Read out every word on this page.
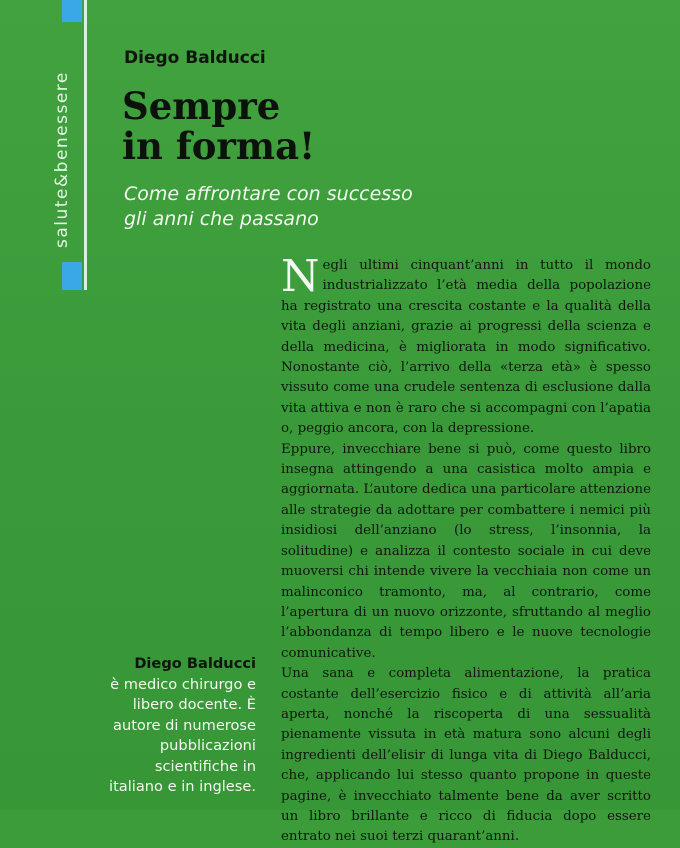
salute&benessere
Diego Balducci
Sempre
in forma!
Come affrontare con successo
gli anni che passano

Negli ultimi cinquant’anni in tutto il mondo industrializzato l’età media della popolazione ha registrato una crescita costante e la qualità della vita degli anziani, grazie ai progressi della scienza e della medicina, è migliorata in modo significativo. Nonostante ciò, l’arrivo della «terza età» è spesso vissuto come una crudele sentenza di esclusione dalla vita attiva e non è raro che si accompagni con l’apatia o, peggio ancora, con la depressione.

Eppure, invecchiare bene si può, come questo libro insegna attingendo a una casistica molto ampia e aggiornata. L’autore dedica una particolare attenzione alle strategie da adottare per combattere i nemici più insidiosi dell’anziano (lo stress, l’insonnia, la solitudine) e analizza il contesto sociale in cui deve muoversi chi intende vivere la vecchiaia non come un malinconico tramonto, ma, al contrario, come l’apertura di un nuovo orizzonte, sfruttando al meglio l’abbondanza di tempo libero e le nuove tecnologie comunicative.

Una sana e completa alimentazione, la pratica costante dell’esercizio fisico e di attività all’aria aperta, nonché la riscoperta di una sessualità pienamente vissuta in età matura sono alcuni degli ingredienti dell’elisir di lunga vita di Diego Balducci, che, applicando lui stesso quanto propone in queste pagine, è invecchiato talmente bene da aver scritto un libro brillante e ricco di fiducia dopo essere entrato nei suoi terzi quarant’anni.

Diego Balducci
è medico chirurgo e libero docente. È autore di numerose pubblicazioni scientifiche in italiano e in inglese.
